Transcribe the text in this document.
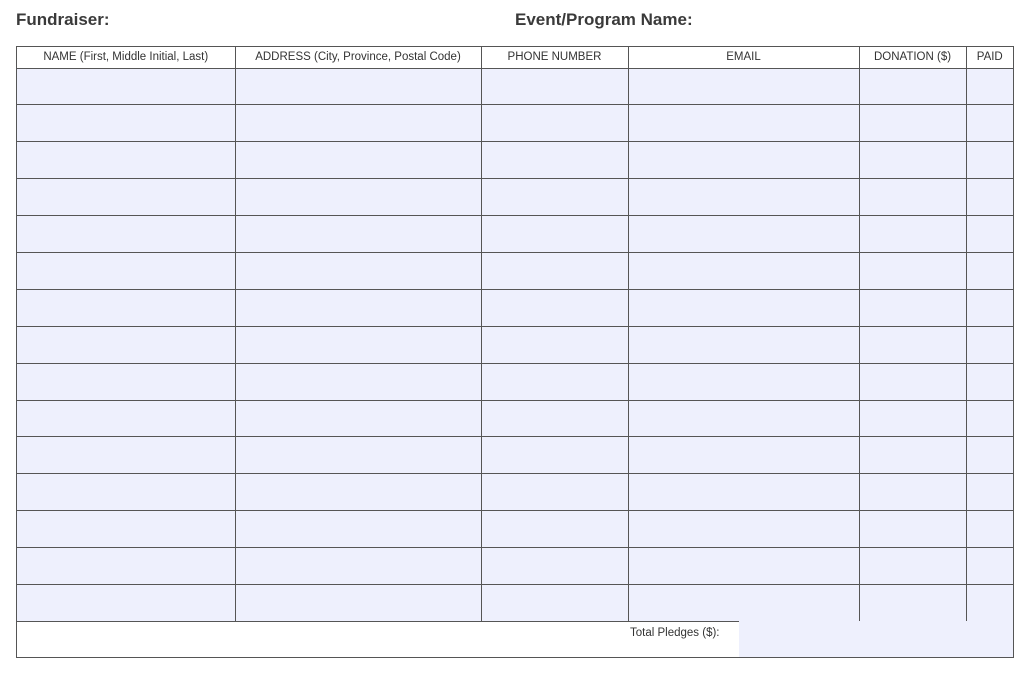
Fundraiser:	Event/Program Name:
NAME (First, Middle Initial, Last)	ADDRESS (City, Province, Postal Code)	PHONE NUMBER	EMAIL	DONATION ($)	PAID

Total Pledges ($):
